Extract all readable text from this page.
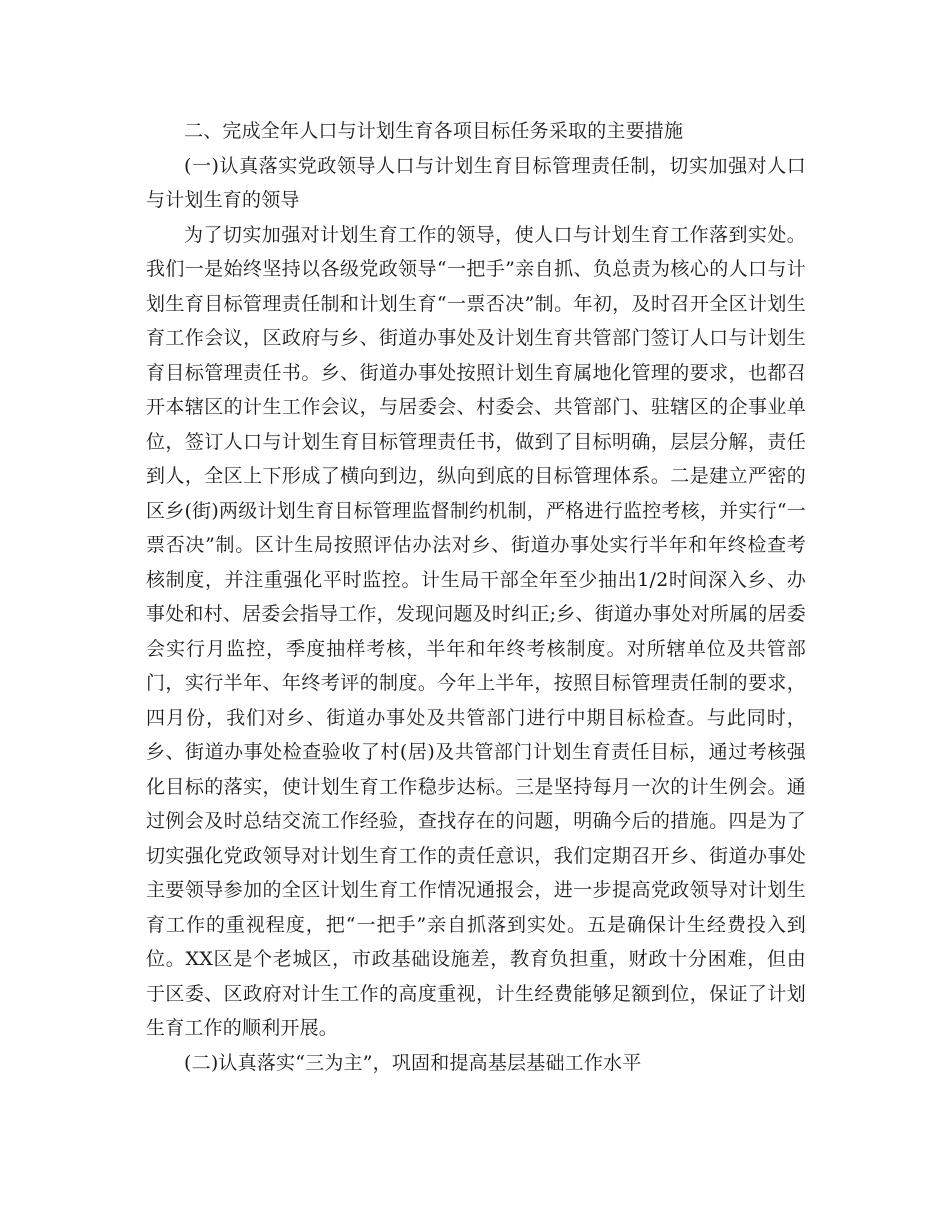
二、完成全年人口与计划生育各项目标任务采取的主要措施

(一)认真落实党政领导人口与计划生育目标管理责任制，切实加强对人口与计划生育的领导

为了切实加强对计划生育工作的领导，使人口与计划生育工作落到实处。我们一是始终坚持以各级党政领导“一把手”亲自抓、负总责为核心的人口与计划生育目标管理责任制和计划生育“一票否决”制。年初，及时召开全区计划生育工作会议，区政府与乡、街道办事处及计划生育共管部门签订人口与计划生育目标管理责任书。乡、街道办事处按照计划生育属地化管理的要求，也都召开本辖区的计生工作会议，与居委会、村委会、共管部门、驻辖区的企事业单位，签订人口与计划生育目标管理责任书，做到了目标明确，层层分解，责任到人，全区上下形成了横向到边，纵向到底的目标管理体系。二是建立严密的区乡(街)两级计划生育目标管理监督制约机制，严格进行监控考核，并实行“一票否决”制。区计生局按照评估办法对乡、街道办事处实行半年和年终检查考核制度，并注重强化平时监控。计生局干部全年至少抽出1/2时间深入乡、办事处和村、居委会指导工作，发现问题及时纠正;乡、街道办事处对所属的居委会实行月监控，季度抽样考核，半年和年终考核制度。对所辖单位及共管部门，实行半年、年终考评的制度。今年上半年，按照目标管理责任制的要求，四月份，我们对乡、街道办事处及共管部门进行中期目标检查。与此同时，乡、街道办事处检查验收了村(居)及共管部门计划生育责任目标，通过考核强化目标的落实，使计划生育工作稳步达标。三是坚持每月一次的计生例会。通过例会及时总结交流工作经验，查找存在的问题，明确今后的措施。四是为了切实强化党政领导对计划生育工作的责任意识，我们定期召开乡、街道办事处主要领导参加的全区计划生育工作情况通报会，进一步提高党政领导对计划生育工作的重视程度，把“一把手”亲自抓落到实处。五是确保计生经费投入到位。XX区是个老城区，市政基础设施差，教育负担重，财政十分困难，但由于区委、区政府对计生工作的高度重视，计生经费能够足额到位，保证了计划生育工作的顺利开展。

(二)认真落实“三为主”，巩固和提高基层基础工作水平
